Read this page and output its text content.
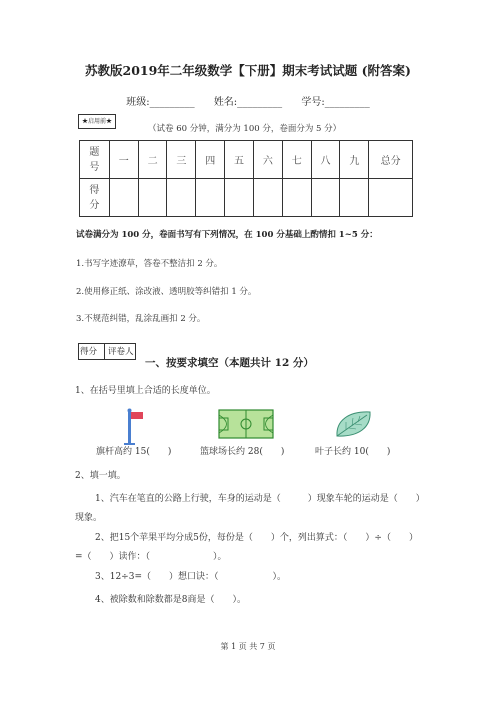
苏教版2019年二年级数学【下册】期末考试试题 (附答案)
班级:_________ 姓名:_________ 学号:_________
★启用前★
（试卷 60 分钟，满分为 100 分，卷面分为 5 分）
题号	一	二	三	四	五	六	七	八	九	总分
得分										
试卷满分为 100 分，卷面书写有下列情况，在 100 分基础上酌情扣 1~5 分：
1.书写字迹潦草，答卷不整洁扣 2 分。
2.使用修正纸、涂改液、透明胶等纠错扣 1 分。
3.不规范纠错，乱涂乱画扣 2 分。
得分 评卷人
一、按要求填空（本题共计 12 分）
1、在括号里填上合适的长度单位。
旗杆高约 15(　　)	篮球场长约 28(　　)	叶子长约 10(　　)
2、填一填。
1、汽车在笔直的公路上行驶，车身的运动是（　　　）现象车轮的运动是（　　）现象。
2、把15个苹果平均分成5份，每份是（　　）个，列出算式：（　　）÷（　　）=（　　）读作：（　　　　　　　）。
3、12÷3=（　　）想口诀：（　　　　　　）。
4、被除数和除数都是8商是（　　）。
第 1 页 共 7 页
